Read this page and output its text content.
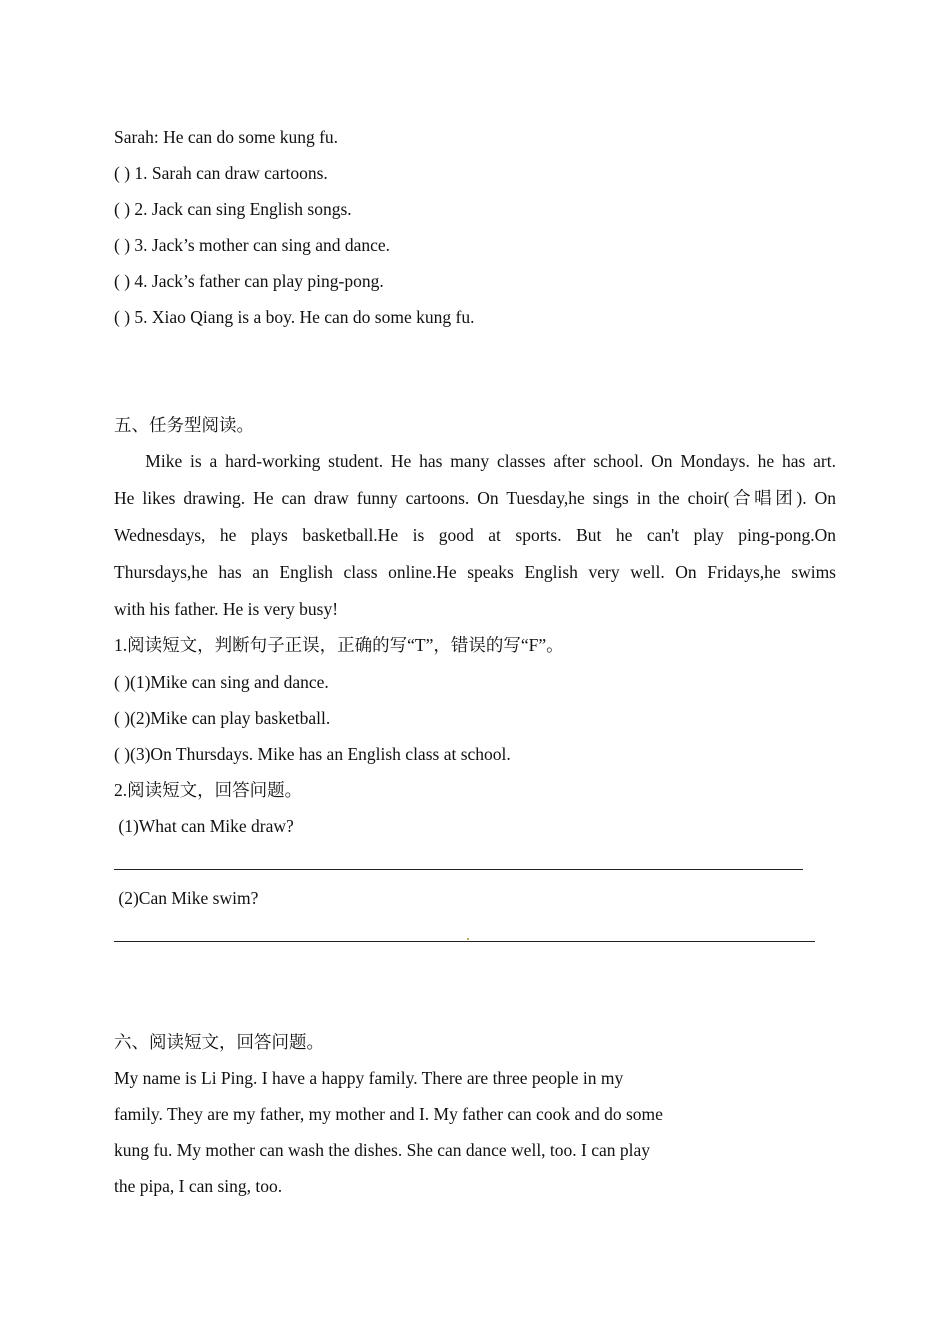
Sarah: He can do some kung fu.
( ) 1. Sarah can draw cartoons.
( ) 2. Jack can sing English songs.
( ) 3. Jack’s mother can sing and dance.
( ) 4. Jack’s father can play ping-pong.
( ) 5. Xiao Qiang is a boy. He can do some kung fu.
五、任务型阅读。
Mike is a hard-working student. He has many classes after school. On Mondays. he has art.
He likes drawing. He can draw funny cartoons. On Tuesday,he sings in the choir(合唱团). On
Wednesdays, he plays basketball.He is good at sports. But he can't play ping-pong.On
Thursdays,he has an English class online.He speaks English very well. On Fridays,he swims
with his father. He is very busy!
1.阅读短文，判断句子正误，正确的写“T”，错误的写“F”。
( )(1)Mike can sing and dance.
( )(2)Mike can play basketball.
( )(3)On Thursdays. Mike has an English class at school.
2.阅读短文，回答问题。
(1)What can Mike draw?
(2)Can Mike swim?
六、阅读短文，回答问题。
My name is Li Ping. I have a happy family. There are three people in my
family. They are my father, my mother and I. My father can cook and do some
kung fu. My mother can wash the dishes. She can dance well, too. I can play
the pipa, I can sing, too.
